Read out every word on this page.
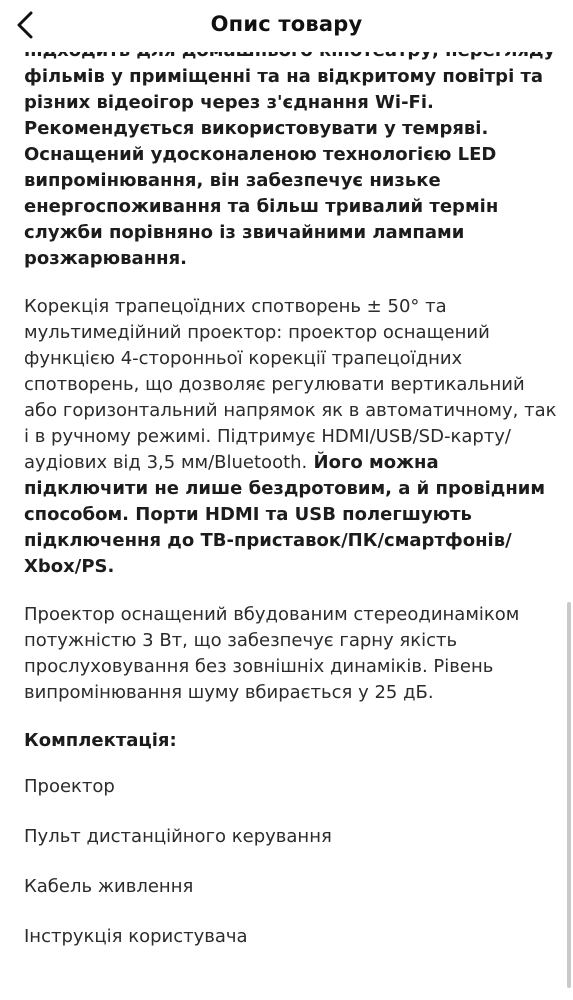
Опис товару
фільмів у приміщенні та на відкритому повітрі та
різних відеоігор через з'єднання Wi-Fi.
Рекомендується використовувати у темряві.
Оснащений удосконаленою технологією LED
випромінювання, він забезпечує низьке
енергоспоживання та більш тривалий термін
служби порівняно із звичайними лампами
розжарювання.
Корекція трапецоїдних спотворень ± 50° та
мультимедійний проектор: проектор оснащений
функцією 4-сторонньої корекції трапецоїдних
спотворень, що дозволяє регулювати вертикальний
або горизонтальний напрямок як в автоматичному, так
і в ручному режимі. Підтримує HDMI/USB/SD-карту/
аудіових від 3,5 мм/Bluetooth. Його можна
підключити не лише бездротовим, а й провідним
способом. Порти HDMI та USB полегшують
підключення до ТВ-приставок/ПК/смартфонів/
Xbox/PS.
Проектор оснащений вбудованим стереодинаміком
потужністю 3 Вт, що забезпечує гарну якість
прослуховування без зовнішніх динаміків. Рівень
випромінювання шуму вбирається у 25 дБ.
Комплектація:
Проектор
Пульт дистанційного керування
Кабель живлення
Інструкція користувача
